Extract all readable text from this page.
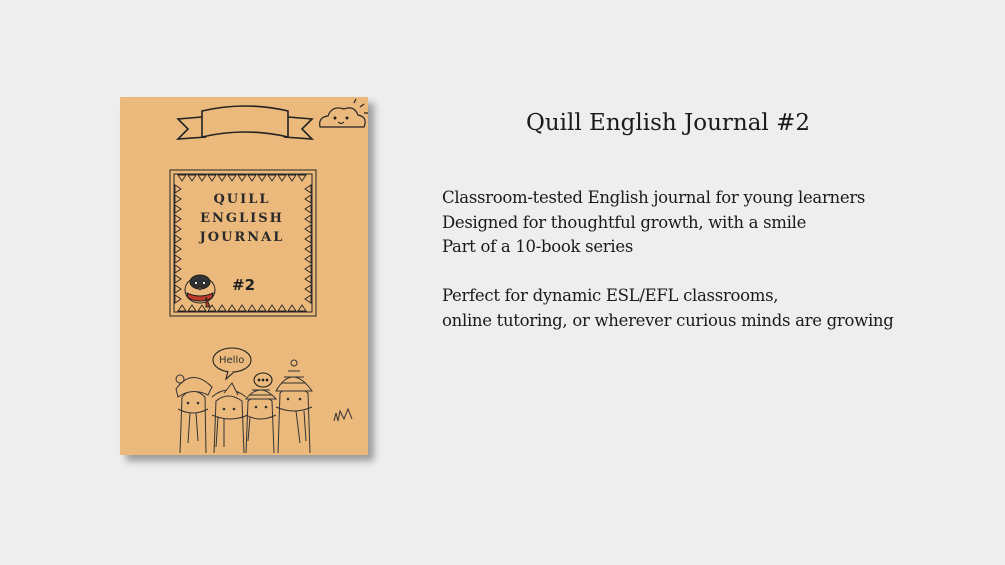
QUILL
ENGLISH
JOURNAL
#2
Hello
Quill English Journal #2
Classroom-tested English journal for young learners
Designed for thoughtful growth, with a smile
Part of a 10-book series
Perfect for dynamic ESL/EFL classrooms,
online tutoring, or wherever curious minds are growing
